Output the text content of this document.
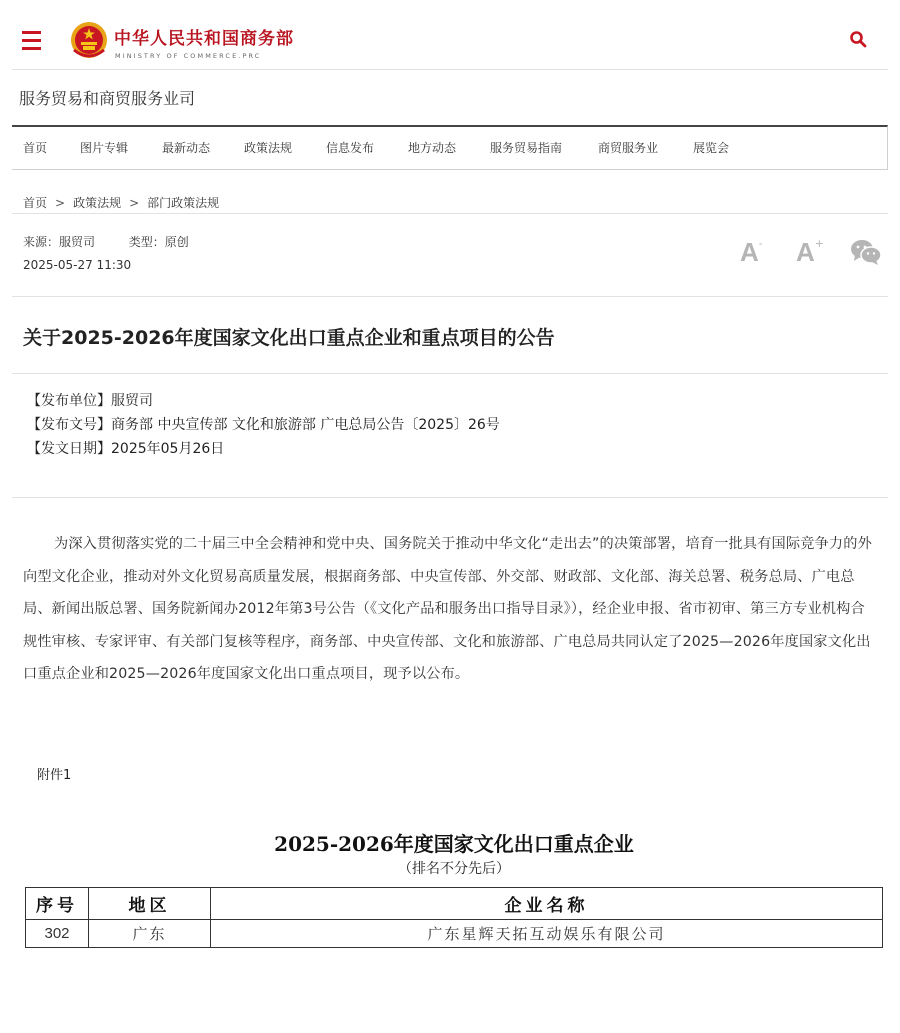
中华人民共和国商务部
MINISTRY OF COMMERCE.PRC
服务贸易和商贸服务业司
首页	图片专辑	最新动态	政策法规	信息发布	地方动态	服务贸易指南	商贸服务业	展览会
首页 > 政策法规 > 部门政策法规
来源：服贸司	类型：原创
2025-05-27 11:30	A- A+
关于2025-2026年度国家文化出口重点企业和重点项目的公告
【发布单位】服贸司
【发布文号】商务部 中央宣传部 文化和旅游部 广电总局公告〔2025〕26号
【发文日期】2025年05月26日
为深入贯彻落实党的二十届三中全会精神和党中央、国务院关于推动中华文化“走出去”的决策部署，培育一批具有国际竞争力的外向型文化企业，推动对外文化贸易高质量发展，根据商务部、中央宣传部、外交部、财政部、文化部、海关总署、税务总局、广电总局、新闻出版总署、国务院新闻办2012年第3号公告（《文化产品和服务出口指导目录》），经企业申报、省市初审、第三方专业机构合规性审核、专家评审、有关部门复核等程序，商务部、中央宣传部、文化和旅游部、广电总局共同认定了2025—2026年度国家文化出口重点企业和2025—2026年度国家文化出口重点项目，现予以公布。
附件1
2025-2026年度国家文化出口重点企业
（排名不分先后）
序号	地区	企业名称
302	广东	广东星辉天拓互动娱乐有限公司
